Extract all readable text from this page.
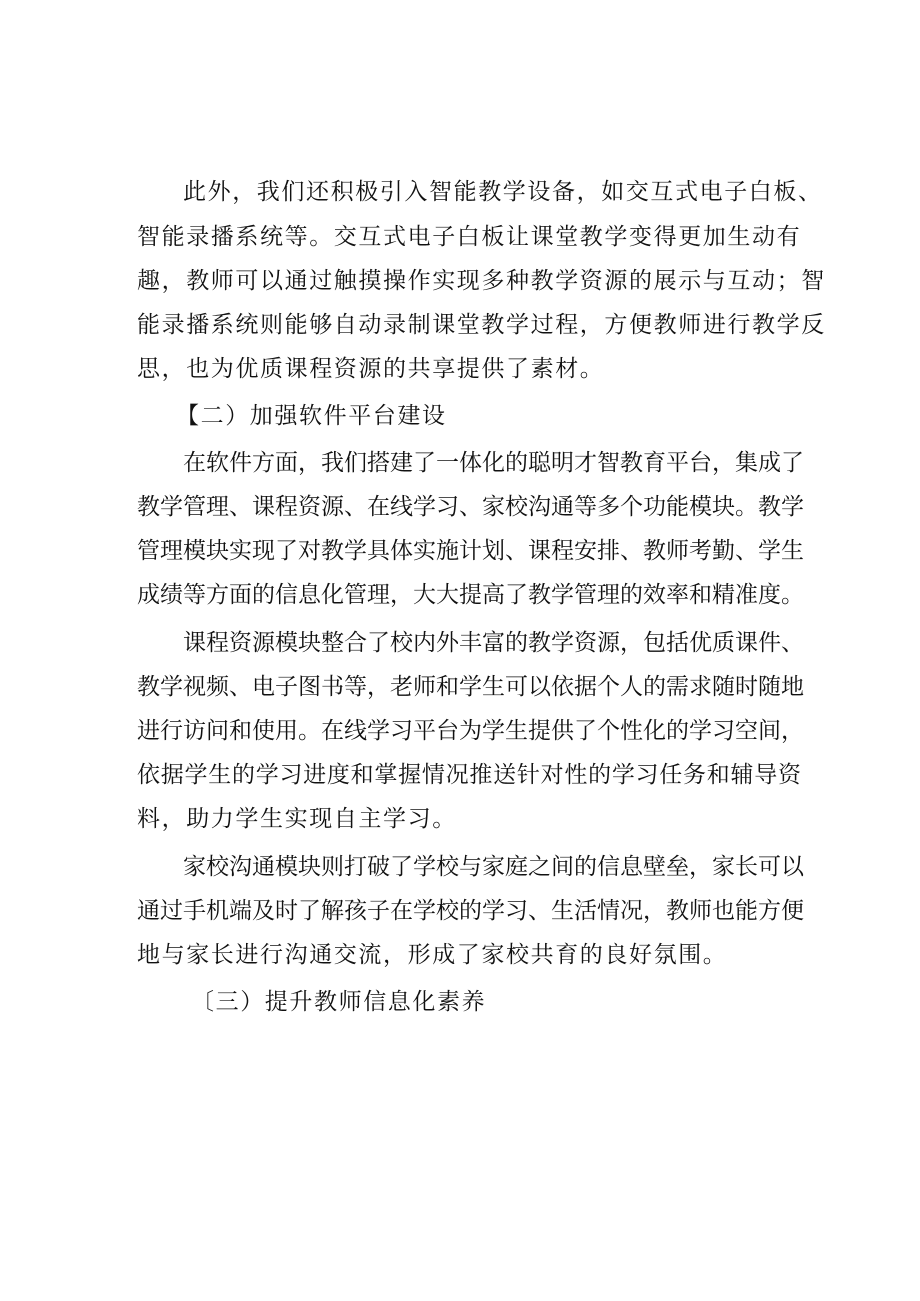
此外，我们还积极引入智能教学设备，如交互式电子白板、

智能录播系统等。交互式电子白板让课堂教学变得更加生动有

趣，教师可以通过触摸操作实现多种教学资源的展示与互动；智

能录播系统则能够自动录制课堂教学过程，方便教师进行教学反

思，也为优质课程资源的共享提供了素材。

【二）加强软件平台建设

在软件方面，我们搭建了一体化的聪明才智教育平台，集成了

教学管理、课程资源、在线学习、家校沟通等多个功能模块。教学

管理模块实现了对教学具体实施计划、课程安排、教师考勤、学生

成绩等方面的信息化管理，大大提高了教学管理的效率和精准度。

课程资源模块整合了校内外丰富的教学资源，包括优质课件、

教学视频、电子图书等，老师和学生可以依据个人的需求随时随地

进行访问和使用。在线学习平台为学生提供了个性化的学习空间，

依据学生的学习进度和掌握情况推送针对性的学习任务和辅导资

料，助力学生实现自主学习。

家校沟通模块则打破了学校与家庭之间的信息壁垒，家长可以

通过手机端及时了解孩子在学校的学习、生活情况，教师也能方便

地与家长进行沟通交流，形成了家校共育的良好氛围。

〔三）提升教师信息化素养
